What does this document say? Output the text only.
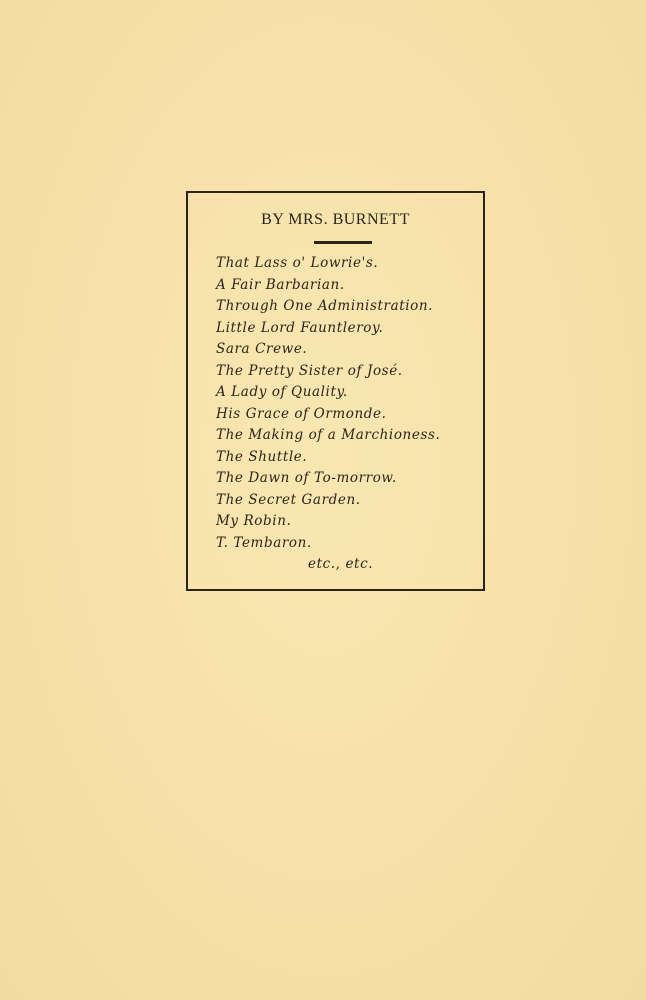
BY MRS. BURNETT
That Lass o' Lowrie's.
A Fair Barbarian.
Through One Administration.
Little Lord Fauntleroy.
Sara Crewe.
The Pretty Sister of José.
A Lady of Quality.
His Grace of Ormonde.
The Making of a Marchioness.
The Shuttle.
The Dawn of To-morrow.
The Secret Garden.
My Robin.
T. Tembaron.
etc., etc.
